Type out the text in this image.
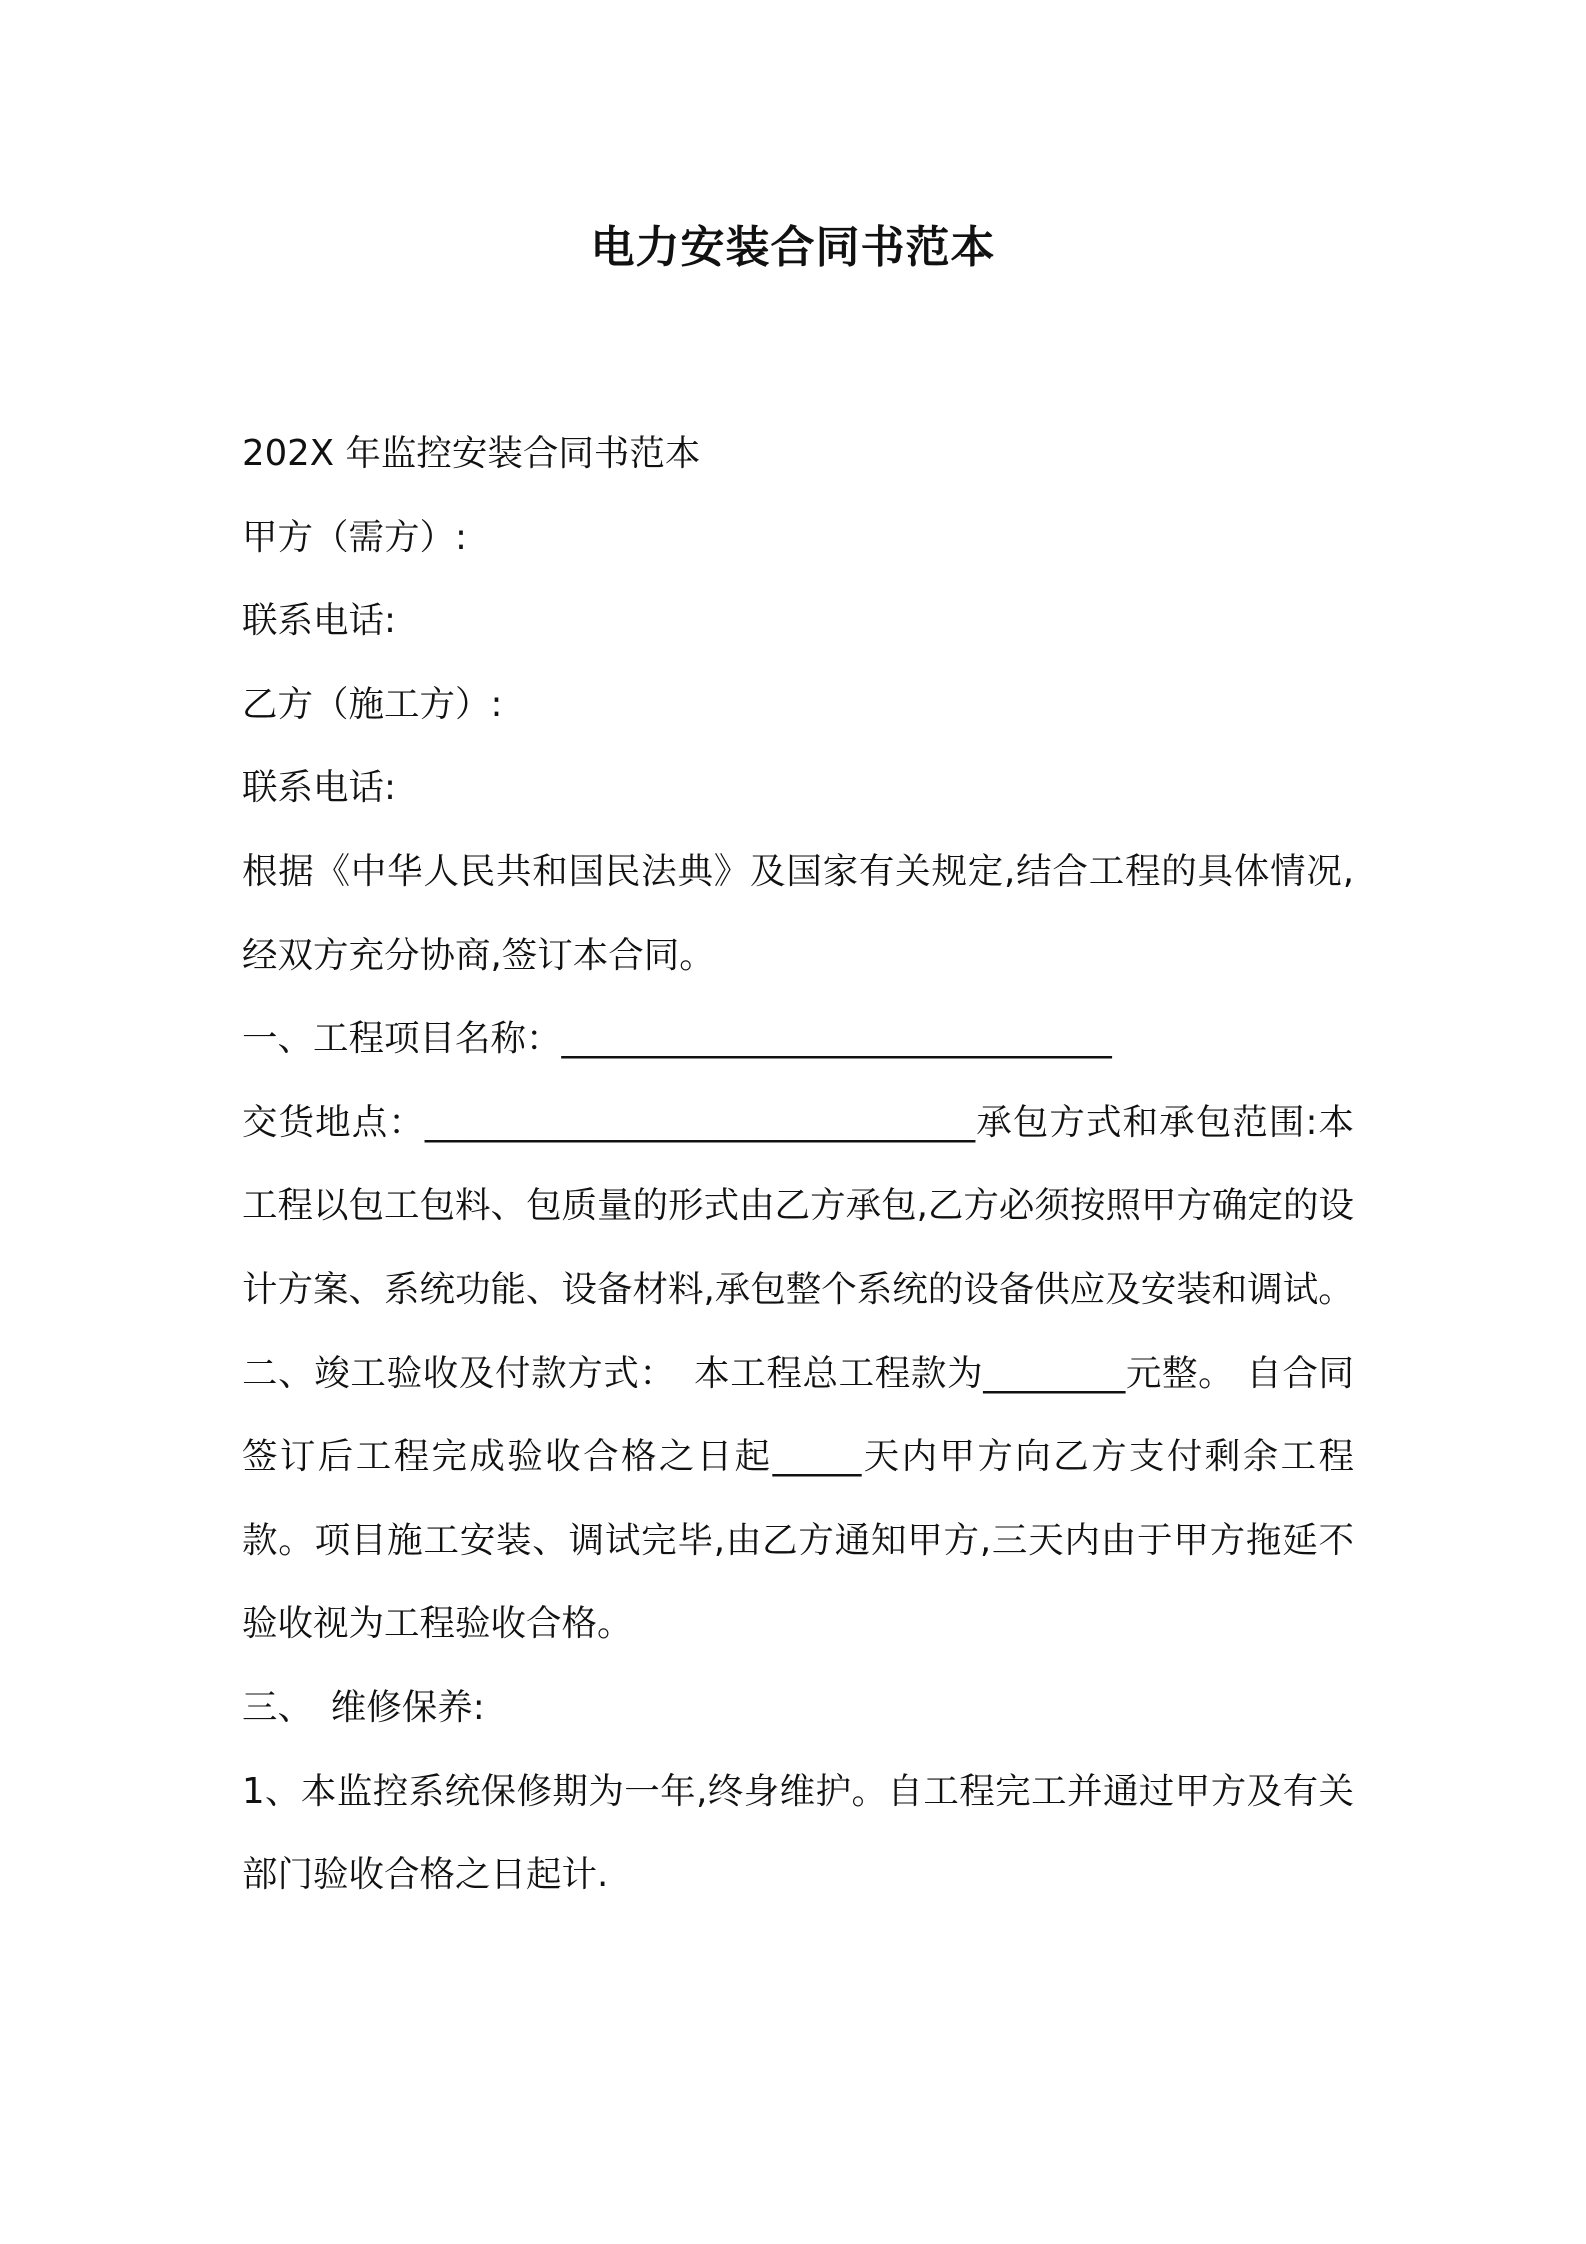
电力安装合同书范本

202X 年监控安装合同书范本

甲方（需方）:

联系电话:

乙方（施工方）:

联系电话:

根据《中华人民共和国民法典》及国家有关规定,结合工程的具体情况,经双方充分协商,签订本合同。

一、工程项目名称：_______________________________

交货地点：_______________________________承包方式和承包范围:本工程以包工包料、包质量的形式由乙方承包,乙方必须按照甲方确定的设计方案、系统功能、设备材料,承包整个系统的设备供应及安装和调试。

二、竣工验收及付款方式：　本工程总工程款为________元整。 自合同签订后工程完成验收合格之日起_____天内甲方向乙方支付剩余工程款。项目施工安装、调试完毕,由乙方通知甲方,三天内由于甲方拖延不验收视为工程验收合格。

三、　维修保养:

1、本监控系统保修期为一年,终身维护。自工程完工并通过甲方及有关部门验收合格之日起计.
